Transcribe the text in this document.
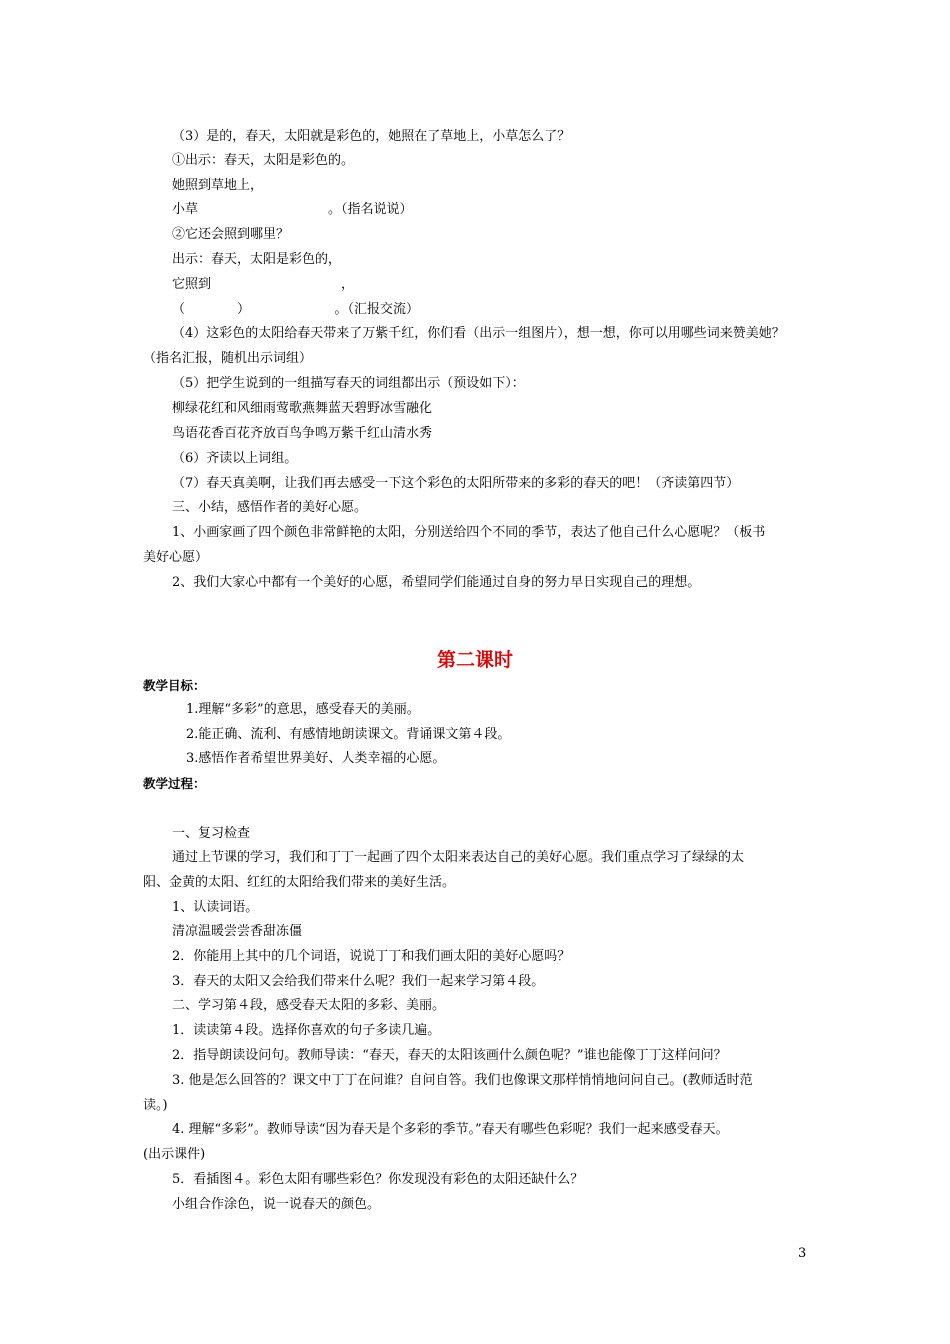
（3）是的，春天，太阳就是彩色的，她照在了草地上，小草怎么了？
①出示：春天，太阳是彩色的。
她照到草地上，
小草　　　　　　　　　　。（指名说说）
②它还会照到哪里？
出示：春天，太阳是彩色的，
它照到　　　　　　　　　　，
（　　　　）　　　　　　　。（汇报交流）
（4）这彩色的太阳给春天带来了万紫千红，你们看（出示一组图片），想一想，你可以用哪些词来赞美她？
（指名汇报，随机出示词组）
（5）把学生说到的一组描写春天的词组都出示（预设如下）：
柳绿花红和风细雨莺歌燕舞蓝天碧野冰雪融化
鸟语花香百花齐放百鸟争鸣万紫千红山清水秀
（6）齐读以上词组。
（7）春天真美啊，让我们再去感受一下这个彩色的太阳所带来的多彩的春天的吧！（齐读第四节）
三、小结，感悟作者的美好心愿。
1、小画家画了四个颜色非常鲜艳的太阳，分别送给四个不同的季节，表达了他自己什么心愿呢？（板书
美好心愿）
2、我们大家心中都有一个美好的心愿，希望同学们能通过自身的努力早日实现自己的理想。
第二课时
教学目标：
1.理解“多彩”的意思，感受春天的美丽。
2.能正确、流利、有感情地朗读课文。背诵课文第４段。
3.感悟作者希望世界美好、人类幸福的心愿。
教学过程：
一、复习检查
通过上节课的学习，我们和丁丁一起画了四个太阳来表达自己的美好心愿。我们重点学习了绿绿的太
阳、金黄的太阳、红红的太阳给我们带来的美好生活。
1、认读词语。
清凉温暖尝尝香甜冻僵
2．你能用上其中的几个词语，说说丁丁和我们画太阳的美好心愿吗？
3．春天的太阳又会给我们带来什么呢？我们一起来学习第４段。
二、学习第４段，感受春天太阳的多彩、美丽。
1．读读第４段。选择你喜欢的句子多读几遍。
2．指导朗读设问句。教师导读：“春天，春天的太阳该画什么颜色呢？”谁也能像丁丁这样问问？
3. 他是怎么回答的？课文中丁丁在问谁？自问自答。我们也像课文那样悄悄地问问自己。(教师适时范
读。)
4. 理解“多彩”。教师导读“因为春天是个多彩的季节。”春天有哪些色彩呢？我们一起来感受春天。
(出示课件)
5．看插图４。彩色太阳有哪些彩色？你发现没有彩色的太阳还缺什么？
小组合作涂色，说一说春天的颜色。
3
